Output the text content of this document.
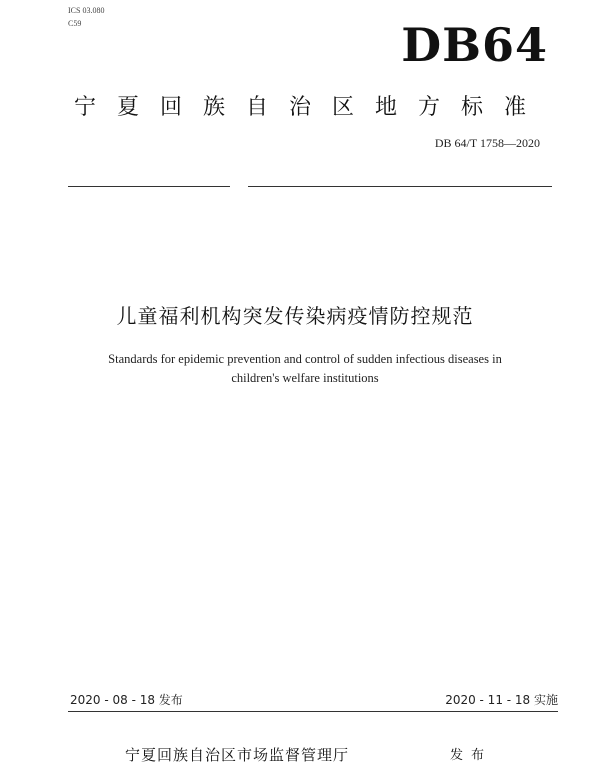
ICS 03.080
C59	DB64
宁夏回族自治区地方标准
DB 64/T 1758—2020
儿童福利机构突发传染病疫情防控规范
Standards for epidemic prevention and control of sudden infectious diseases in
children's welfare institutions
2020 - 08 - 18 发布	2020 - 11 - 18 实施
宁夏回族自治区市场监督管理厅	发布
